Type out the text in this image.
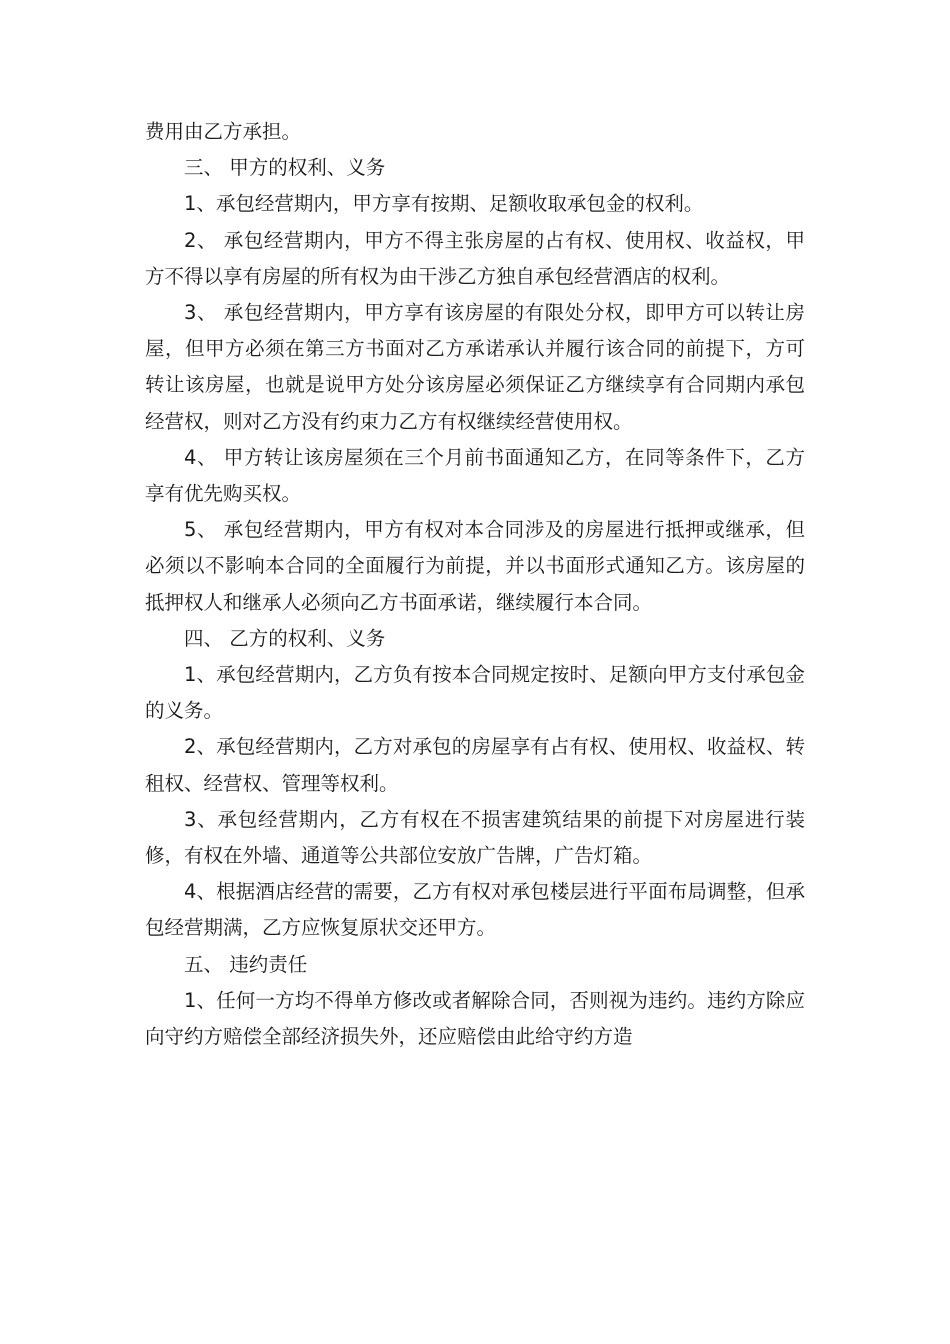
费用由乙方承担。

三、 甲方的权利、义务

1、承包经营期内，甲方享有按期、足额收取承包金的权利。

2、 承包经营期内，甲方不得主张房屋的占有权、使用权、收益权，甲方不得以享有房屋的所有权为由干涉乙方独自承包经营酒店的权利。

3、 承包经营期内，甲方享有该房屋的有限处分权，即甲方可以转让房屋，但甲方必须在第三方书面对乙方承诺承认并履行该合同的前提下，方可转让该房屋，也就是说甲方处分该房屋必须保证乙方继续享有合同期内承包经营权，则对乙方没有约束力乙方有权继续经营使用权。

4、 甲方转让该房屋须在三个月前书面通知乙方，在同等条件下，乙方享有优先购买权。

5、 承包经营期内，甲方有权对本合同涉及的房屋进行抵押或继承，但必须以不影响本合同的全面履行为前提，并以书面形式通知乙方。该房屋的抵押权人和继承人必须向乙方书面承诺，继续履行本合同。

四、 乙方的权利、义务

1、承包经营期内，乙方负有按本合同规定按时、足额向甲方支付承包金的义务。

2、承包经营期内，乙方对承包的房屋享有占有权、使用权、收益权、转租权、经营权、管理等权利。

3、承包经营期内，乙方有权在不损害建筑结果的前提下对房屋进行装修，有权在外墙、通道等公共部位安放广告牌，广告灯箱。

4、根据酒店经营的需要，乙方有权对承包楼层进行平面布局调整，但承包经营期满，乙方应恢复原状交还甲方。

五、 违约责任

1、任何一方均不得单方修改或者解除合同，否则视为违约。违约方除应向守约方赔偿全部经济损失外，还应赔偿由此给守约方造
